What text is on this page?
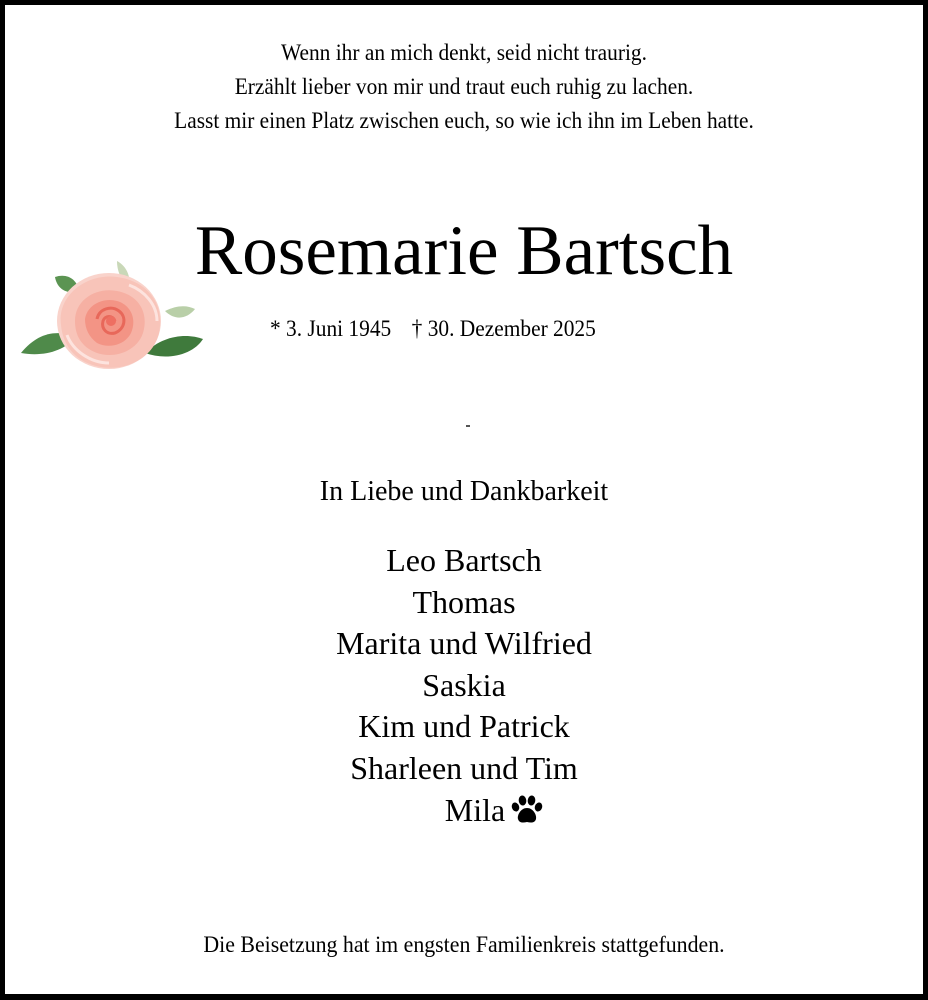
Wenn ihr an mich denkt, seid nicht traurig.
Erzählt lieber von mir und traut euch ruhig zu lachen.
Lasst mir einen Platz zwischen euch, so wie ich ihn im Leben hatte.
Rosemarie Bartsch
* 3. Juni 1945 † 30. Dezember 2025
In Liebe und Dankbarkeit
Leo Bartsch
Thomas
Marita und Wilfried
Saskia
Kim und Patrick
Sharleen und Tim
Mila
Die Beisetzung hat im engsten Familienkreis stattgefunden.
